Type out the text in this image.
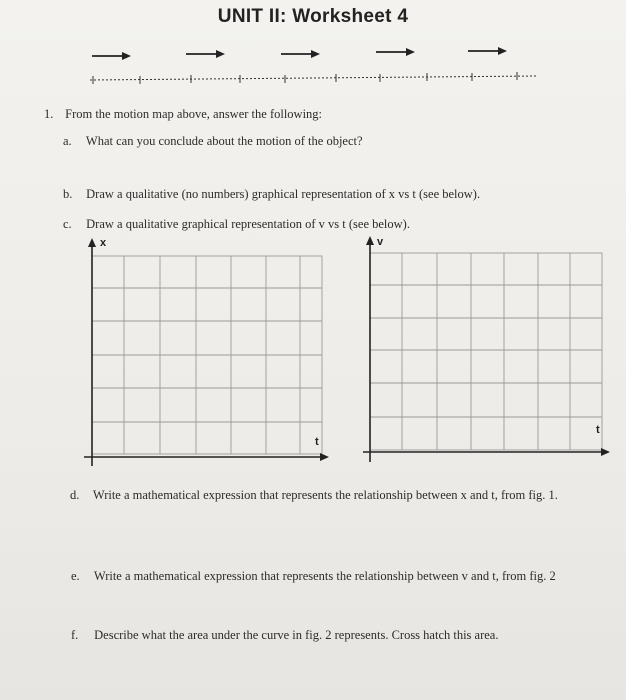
UNIT II: Worksheet 4
1. From the motion map above, answer the following:
a. What can you conclude about the motion of the object?
b. Draw a qualitative (no numbers) graphical representation of x vs t (see below).
c. Draw a qualitative graphical representation of v vs t (see below).
x
t
v
t
d. Write a mathematical expression that represents the relationship between x and t, from fig. 1.
e. Write a mathematical expression that represents the relationship between v and t, from fig. 2
f. Describe what the area under the curve in fig. 2 represents. Cross hatch this area.
